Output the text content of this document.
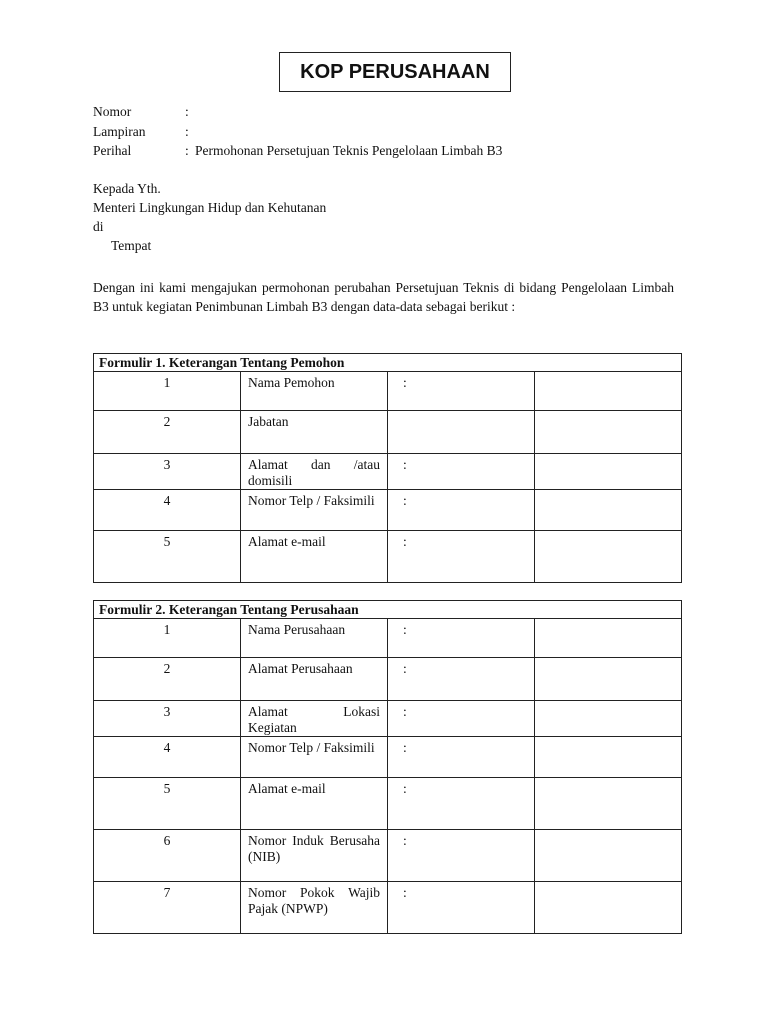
KOP PERUSAHAAN
Nomor	:
Lampiran	:
Perihal	: Permohonan Persetujuan Teknis Pengelolaan Limbah B3
Kepada Yth.
Menteri Lingkungan Hidup dan Kehutanan
di
Tempat
Dengan ini kami mengajukan permohonan perubahan Persetujuan Teknis di bidang Pengelolaan Limbah B3 untuk kegiatan Penimbunan Limbah B3 dengan data-data sebagai berikut :
Formulir 1. Keterangan Tentang Pemohon			
1	Nama Pemohon	:	
2	Jabatan		
3	Alamat dan /atau
domisili	:	
4	Nomor Telp / Faksimili	:	
5	Alamat e-mail	:	
Formulir 2. Keterangan Tentang Perusahaan			
1	Nama Perusahaan	:	
2	Alamat Perusahaan	:	
3	Alamat Lokasi
Kegiatan	:	
4	Nomor Telp / Faksimili	:	
5	Alamat e-mail	:	
6	Nomor Induk Berusaha
(NIB)	:	
7	Nomor Pokok Wajib
Pajak (NPWP)	:	
